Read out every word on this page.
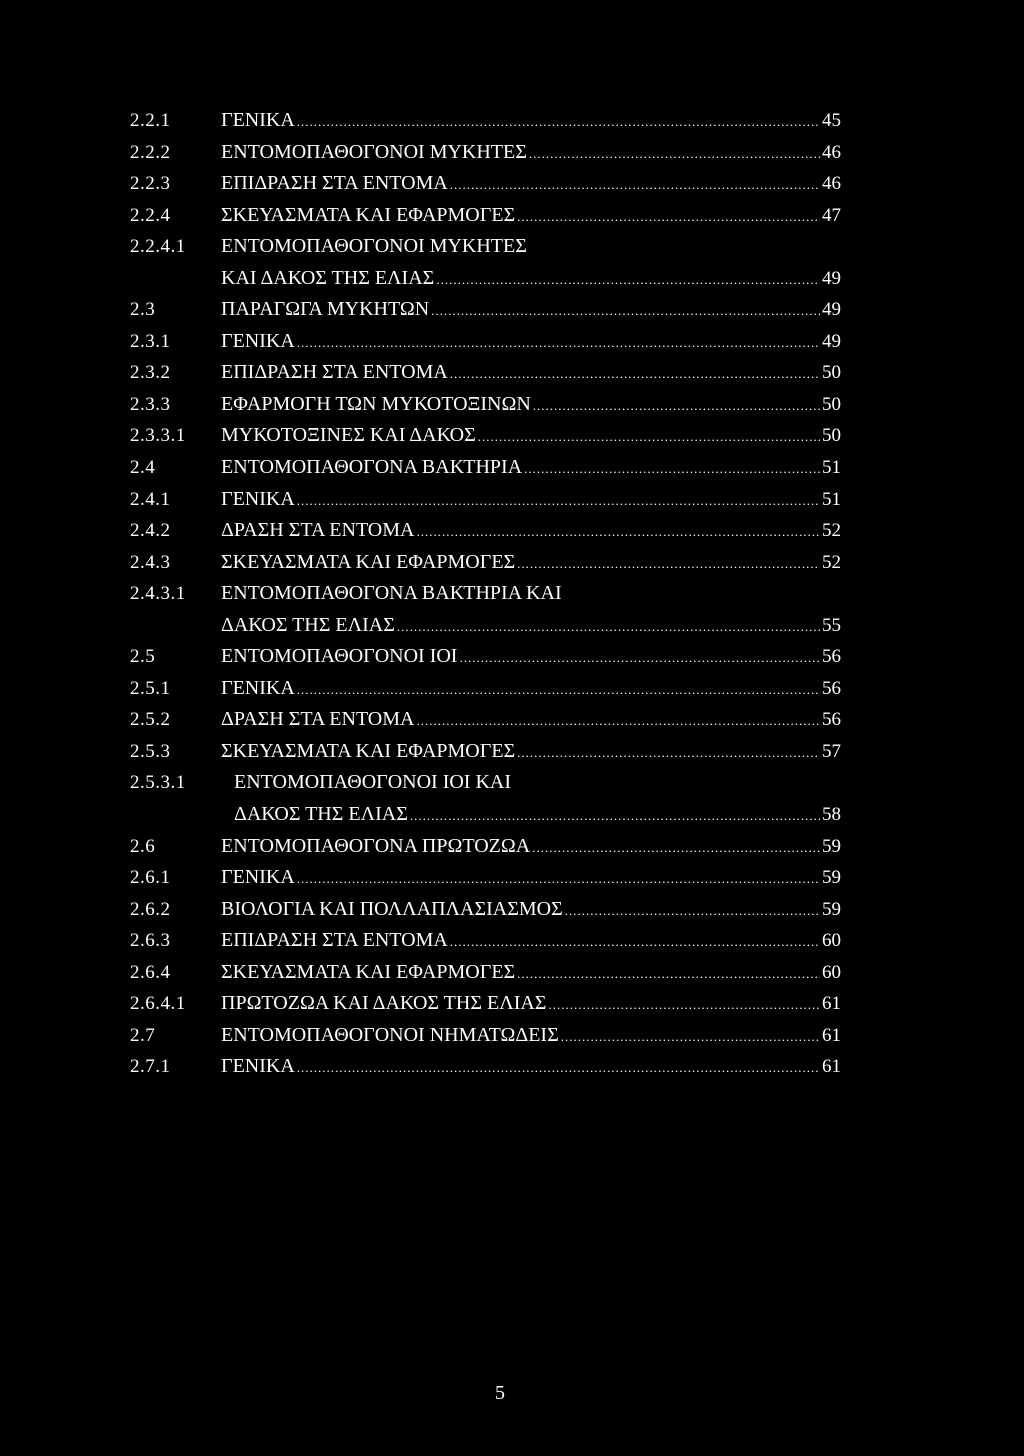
2.2.1	ΓΕΝΙΚΑ .....	45
2.2.2	ΕΝΤΟΜΟΠΑΘΟΓΟΝΟΙ ΜΥΚΗΤΕΣ .....	46
2.2.3	ΕΠΙΔΡΑΣΗ ΣΤΑ ΕΝΤΟΜΑ .....	46
2.2.4	ΣΚΕΥΑΣΜΑΤΑ ΚΑΙ ΕΦΑΡΜΟΓΕΣ .....	47
2.2.4.1 ΕΝΤΟΜΟΠΑΘΟΓΟΝΟΙ ΜΥΚΗΤΕΣ
ΚΑΙ ΔΑΚΟΣ ΤΗΣ ΕΛΙΑΣ .....	49
2.3	ΠΑΡΑΓΩΓΑ ΜΥΚΗΤΩΝ .....	49
2.3.1	ΓΕΝΙΚΑ .....	49
2.3.2	ΕΠΙΔΡΑΣΗ ΣΤΑ ΕΝΤΟΜΑ .....	50
2.3.3	ΕΦΑΡΜΟΓΗ ΤΩΝ ΜΥΚΟΤΟΞΙΝΩΝ .....	50
2.3.3.1 ΜΥΚΟΤΟΞΙΝΕΣ ΚΑΙ ΔΑΚΟΣ .....	50
2.4	ΕΝΤΟΜΟΠΑΘΟΓΟΝΑ ΒΑΚΤΗΡΙΑ .....	51
2.4.1	ΓΕΝΙΚΑ .....	51
2.4.2	ΔΡΑΣΗ ΣΤΑ ΕΝΤΟΜΑ .....	52
2.4.3	ΣΚΕΥΑΣΜΑΤΑ ΚΑΙ ΕΦΑΡΜΟΓΕΣ .....	52
2.4.3.1 ΕΝΤΟΜΟΠΑΘΟΓΟΝΑ ΒΑΚΤΗΡΙΑ ΚΑΙ
ΔΑΚΟΣ ΤΗΣ ΕΛΙΑΣ .....	55
2.5	ΕΝΤΟΜΟΠΑΘΟΓΟΝΟΙ ΙΟΙ .....	56
2.5.1	ΓΕΝΙΚΑ .....	56
2.5.2	ΔΡΑΣΗ ΣΤΑ ΕΝΤΟΜΑ .....	56
2.5.3	ΣΚΕΥΑΣΜΑΤΑ ΚΑΙ ΕΦΑΡΜΟΓΕΣ .....	57
2.5.3.1 ΕΝΤΟΜΟΠΑΘΟΓΟΝΟΙ ΙΟΙ ΚΑΙ
ΔΑΚΟΣ ΤΗΣ ΕΛΙΑΣ .....	58
2.6	ΕΝΤΟΜΟΠΑΘΟΓΟΝΑ ΠΡΩΤΟΖΩΑ .....	59
2.6.1	ΓΕΝΙΚΑ .....	59
2.6.2	ΒΙΟΛΟΓΙΑ ΚΑΙ ΠΟΛΛΑΠΛΑΣΙΑΣΜΟΣ .....	59
2.6.3	ΕΠΙΔΡΑΣΗ ΣΤΑ ΕΝΤΟΜΑ .....	60
2.6.4	ΣΚΕΥΑΣΜΑΤΑ ΚΑΙ ΕΦΑΡΜΟΓΕΣ .....	60
2.6.4.1 ΠΡΩΤΟΖΩΑ ΚΑΙ ΔΑΚΟΣ ΤΗΣ ΕΛΙΑΣ .....	61
2.7	ΕΝΤΟΜΟΠΑΘΟΓΟΝΟΙ ΝΗΜΑΤΩΔΕΙΣ .....	61
2.7.1	ΓΕΝΙΚΑ .....	61
5
